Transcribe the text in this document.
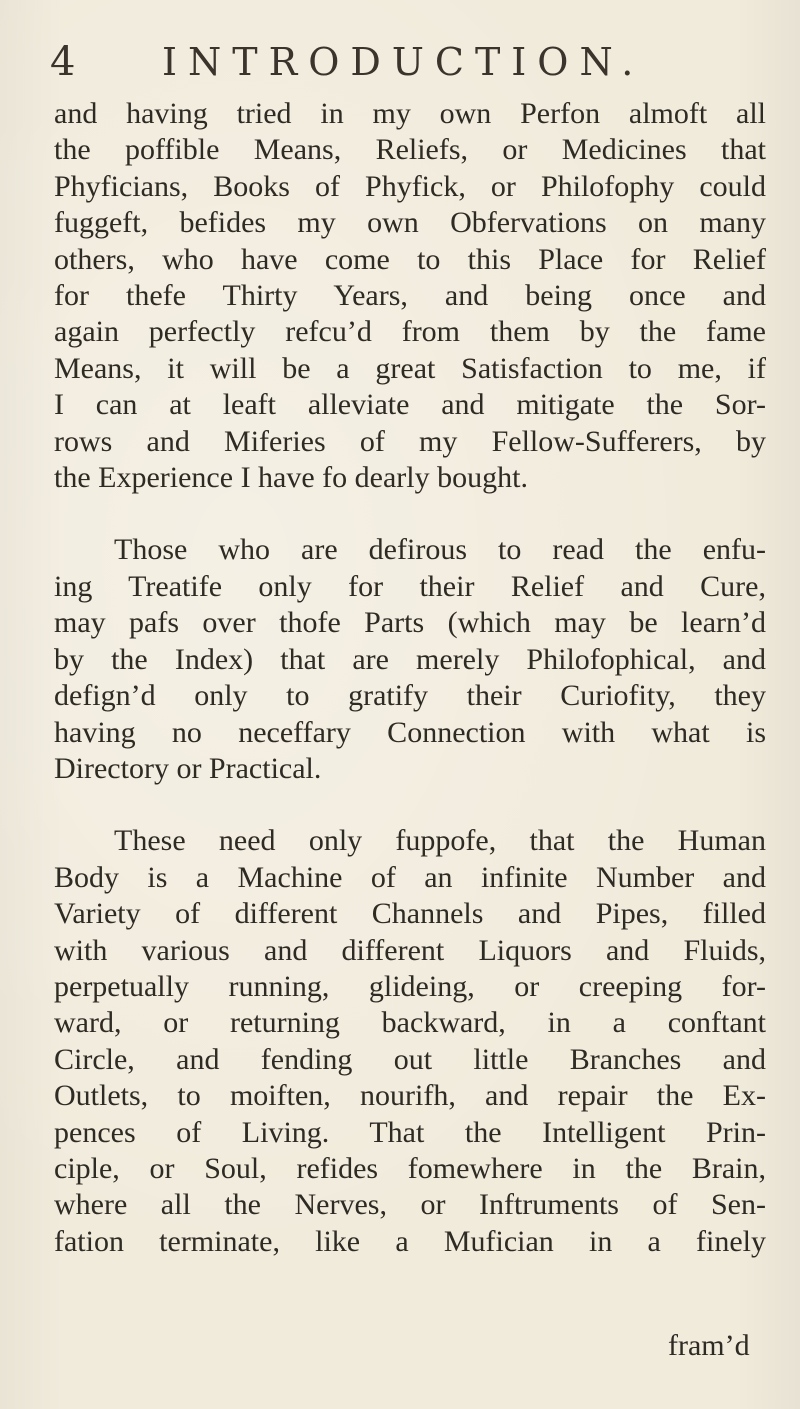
4 INTRODUCTION.

and having tried in my own Perfon almoft all
the poffible Means, Reliefs, or Medicines that
Phyficians, Books of Phyfick, or Philofophy could
fuggeft, befides my own Obfervations on many
others, who have come to this Place for Relief
for thefe Thirty Years, and being once and
again perfectly refcu’d from them by the fame
Means, it will be a great Satisfaction to me, if
I can at leaft alleviate and mitigate the Sor-
rows and Miferies of my Fellow-Sufferers, by
the Experience I have fo dearly bought.

Those who are defirous to read the enfu-
ing Treatife only for their Relief and Cure,
may pafs over thofe Parts (which may be learn’d
by the Index) that are merely Philofophical, and
defign’d only to gratify their Curiofity, they
having no neceffary Connection with what is
Directory or Practical.

These need only fuppofe, that the Human
Body is a Machine of an infinite Number and
Variety of different Channels and Pipes, filled
with various and different Liquors and Fluids,
perpetually running, glideing, or creeping for-
ward, or returning backward, in a conftant
Circle, and fending out little Branches and
Outlets, to moiften, nourifh, and repair the Ex-
pences of Living. That the Intelligent Prin-
ciple, or Soul, refides fomewhere in the Brain,
where all the Nerves, or Inftruments of Sen-
fation terminate, like a Mufician in a finely

fram’d
